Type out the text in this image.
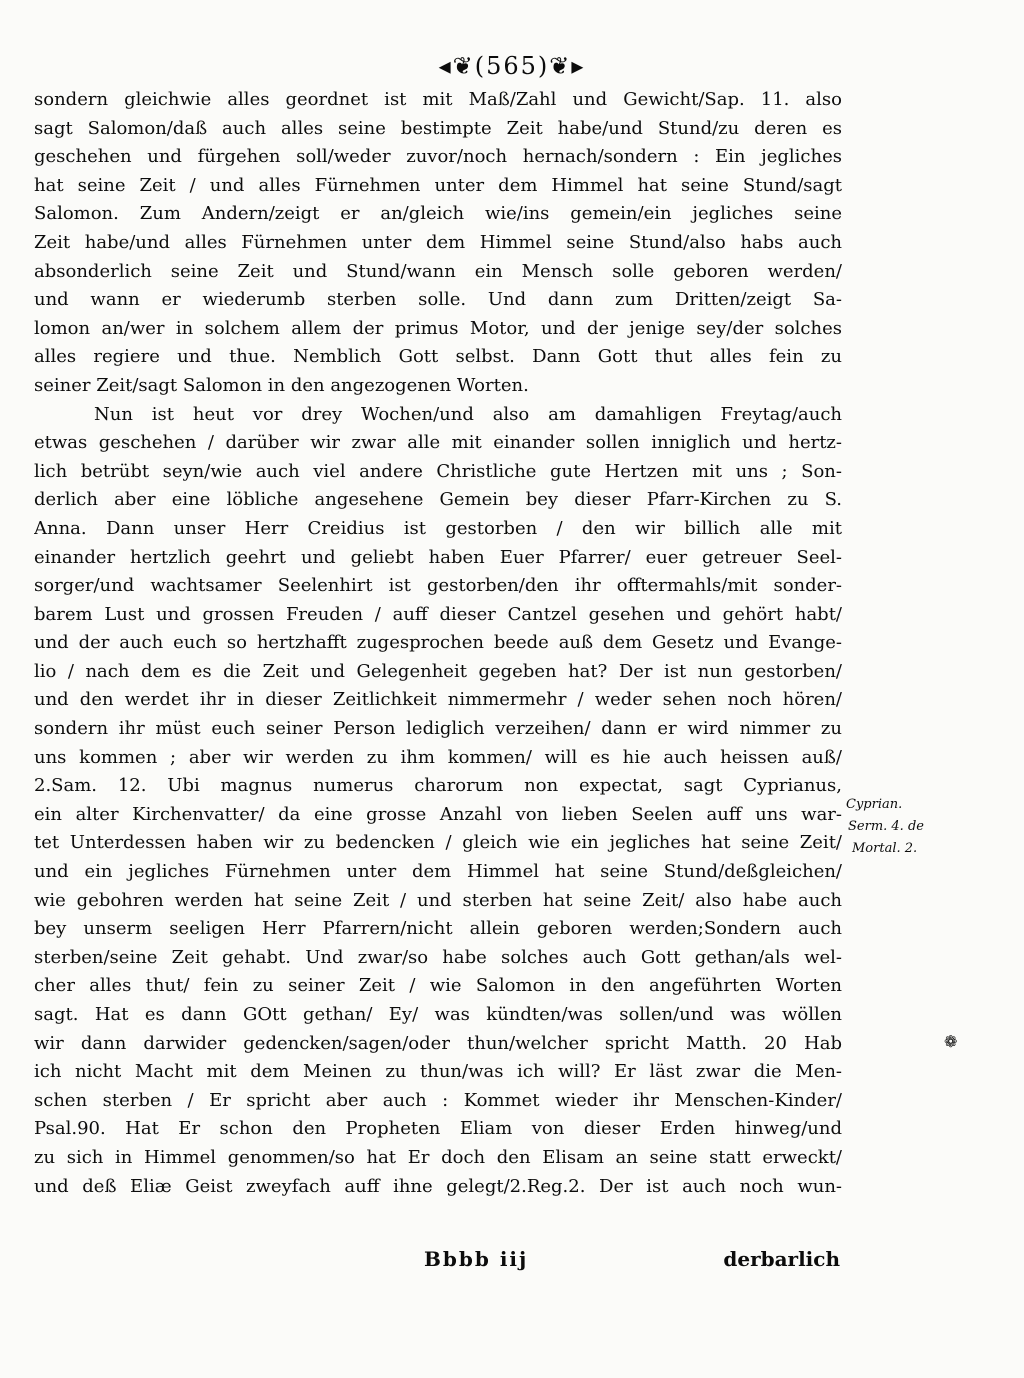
◂❦(565)❦▸
sondern gleichwie alles geordnet ist mit Maß/Zahl und Gewicht/Sap. 11. also
sagt Salomon/daß auch alles seine bestimpte Zeit habe/und Stund/zu deren es
geschehen und fürgehen soll/weder zuvor/noch hernach/sondern : Ein jegliches
hat seine Zeit / und alles Fürnehmen unter dem Himmel hat seine Stund/sagt
Salomon. Zum Andern/zeigt er an/gleich wie/ins gemein/ein jegliches seine
Zeit habe/und alles Fürnehmen unter dem Himmel seine Stund/also habs auch
absonderlich seine Zeit und Stund/wann ein Mensch solle geboren werden/
und wann er wiederumb sterben solle. Und dann zum Dritten/zeigt Sa-
lomon an/wer in solchem allem der primus Motor, und der jenige sey/der solches
alles regiere und thue. Nemblich Gott selbst. Dann Gott thut alles fein zu
seiner Zeit/sagt Salomon in den angezogenen Worten.
Nun ist heut vor drey Wochen/und also am damahligen Freytag/auch
etwas geschehen / darüber wir zwar alle mit einander sollen inniglich und hertz-
lich betrübt seyn/wie auch viel andere Christliche gute Hertzen mit uns ; Son-
derlich aber eine löbliche angesehene Gemein bey dieser Pfarr-Kirchen zu S.
Anna. Dann unser Herr Creidius ist gestorben / den wir billich alle mit
einander hertzlich geehrt und geliebt haben Euer Pfarrer/ euer getreuer Seel-
sorger/und wachtsamer Seelenhirt ist gestorben/den ihr offtermahls/mit sonder-
barem Lust und grossen Freuden / auff dieser Cantzel gesehen und gehört habt/
und der auch euch so hertzhafft zugesprochen beede auß dem Gesetz und Evange-
lio / nach dem es die Zeit und Gelegenheit gegeben hat? Der ist nun gestorben/
und den werdet ihr in dieser Zeitlichkeit nimmermehr / weder sehen noch hören/
sondern ihr müst euch seiner Person lediglich verzeihen/ dann er wird nimmer zu
uns kommen ; aber wir werden zu ihm kommen/ will es hie auch heissen auß/
2.Sam. 12. Ubi magnus numerus charorum non expectat, sagt Cyprianus,
ein alter Kirchenvatter/ da eine grosse Anzahl von lieben Seelen auff uns war-
tet Unterdessen haben wir zu bedencken / gleich wie ein jegliches hat seine Zeit/
und ein jegliches Fürnehmen unter dem Himmel hat seine Stund/deßgleichen/
wie gebohren werden hat seine Zeit / und sterben hat seine Zeit/ also habe auch
bey unserm seeligen Herr Pfarrern/nicht allein geboren werden;Sondern auch
sterben/seine Zeit gehabt. Und zwar/so habe solches auch Gott gethan/als wel-
cher alles thut/ fein zu seiner Zeit / wie Salomon in den angeführten Worten
sagt. Hat es dann GOtt gethan/ Ey/ was kündten/was sollen/und was wöllen
wir dann darwider gedencken/sagen/oder thun/welcher spricht Matth. 20 Hab
ich nicht Macht mit dem Meinen zu thun/was ich will? Er läst zwar die Men-
schen sterben / Er spricht aber auch : Kommet wieder ihr Menschen-Kinder/
Psal.90. Hat Er schon den Propheten Eliam von dieser Erden hinweg/und
zu sich in Himmel genommen/so hat Er doch den Elisam an seine statt erweckt/
und deß Eliæ Geist zweyfach auff ihne gelegt/2.Reg.2. Der ist auch noch wun-
Cyprian.
Serm. 4. de
Mortal. 2.
❁
Bbbb iij	derbarlich
